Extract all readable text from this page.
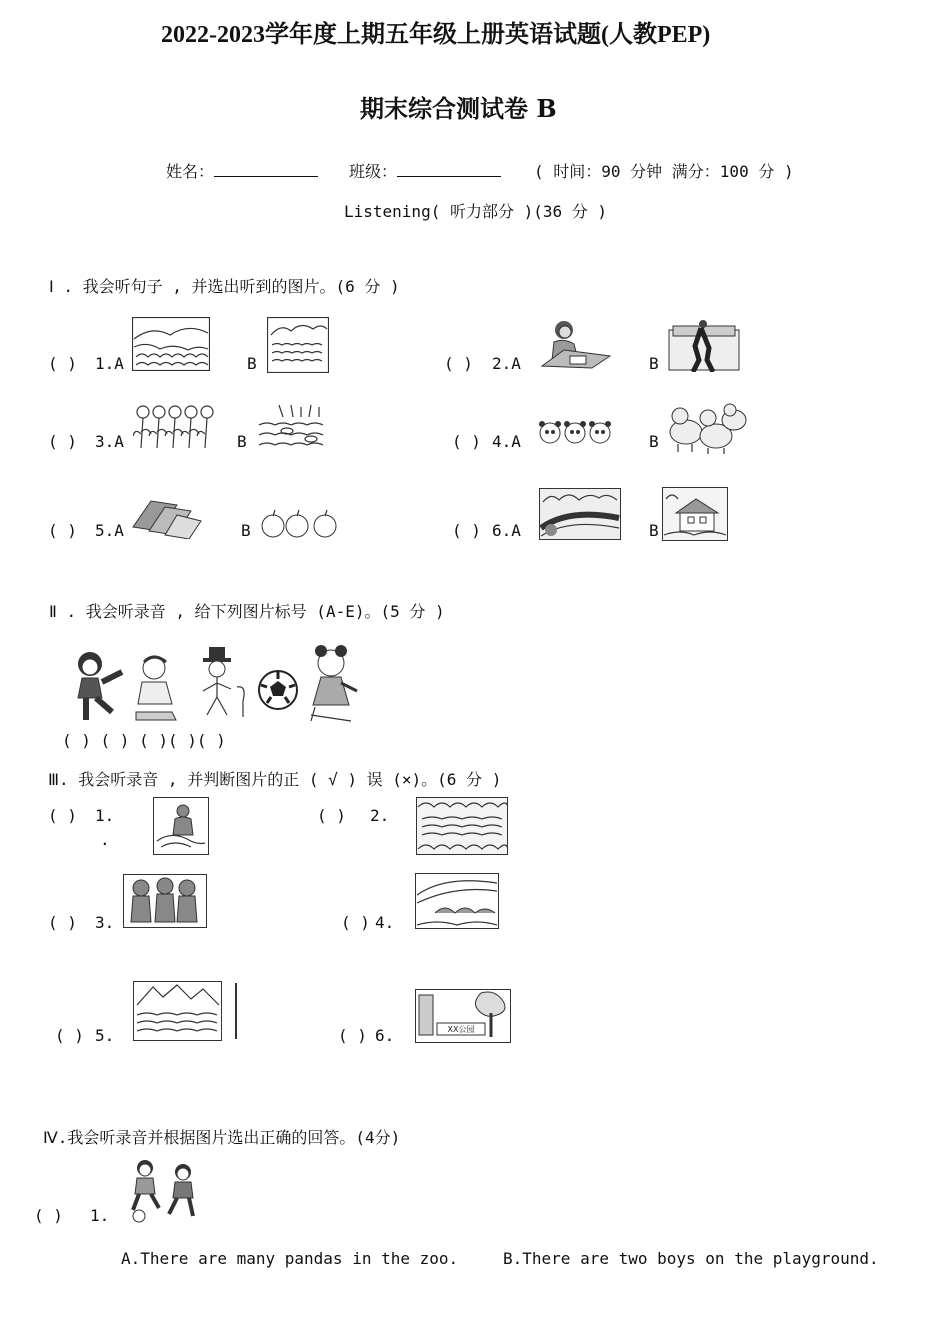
2022-2023学年度上期五年级上册英语试题(人教PEP)
期末综合测试卷 B
姓名：	班级：	( 时间：90 分钟 满分：100 分 )
Listening( 听力部分 )(36 分 )
Ⅰ . 我会听句子 , 并选出听到的图片。(6 分 )
( ) 1.A	B	( ) 2.A	B
( ) 3.A	B	( ) 4.A	B
( ) 5.A	B	( ) 6.A	B
Ⅱ . 我会听录音 , 给下列图片标号 (A-E)。(5 分 )
( ) ( ) ( )( )( )
Ⅲ. 我会听录音 , 并判断图片的正 ( √ ) 误 (×)。(6 分 )
( ) 1.
.
( ) 2.
( ) 3.	( ) 4.
( ) 5.	( ) 6.	XX公园
Ⅳ.我会听录音并根据图片选出正确的回答。(4分)
( ) 1.
A.There are many pandas in the zoo.	B.There are two boys on the playground.
